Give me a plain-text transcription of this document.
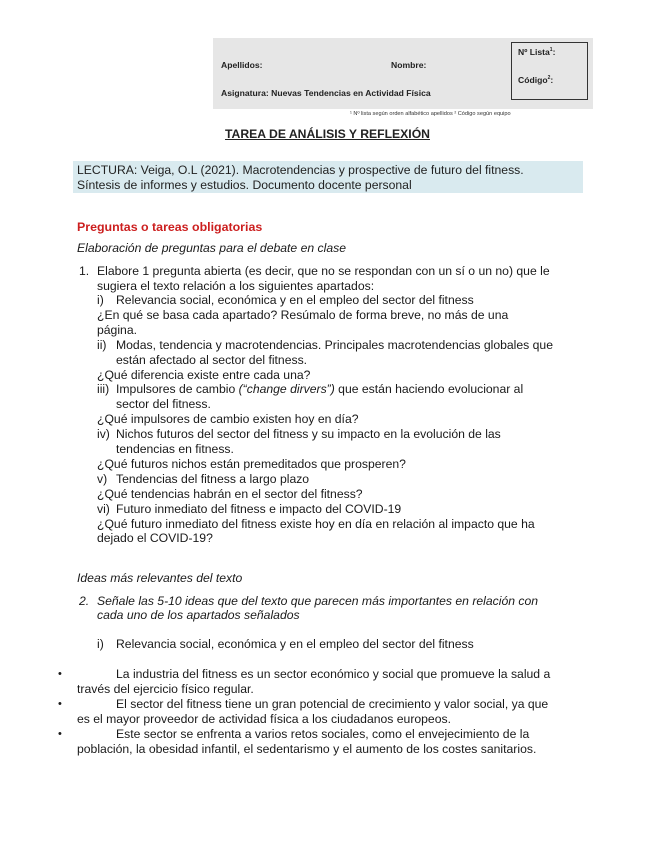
Apellidos:	Nombre:
Asignatura: Nuevas Tendencias en Actividad Física
Nº Lista$^1$:
Código$^2$:
¹ Nº lista según orden alfabético apellidos ² Código según equipo
TAREA DE ANÁLISIS Y REFLEXIÓN
LECTURA: Veiga, O.L (2021). Macrotendencias y prospective de futuro del fitness.
Síntesis de informes y estudios. Documento docente personal
Preguntas o tareas obligatorias
Elaboración de preguntas para el debate en clase
1. Elabore 1 pregunta abierta (es decir, que no se respondan con un sí o un no) que le
sugiera el texto relación a los siguientes apartados:
i) Relevancia social, económica y en el empleo del sector del fitness
¿En qué se basa cada apartado? Resúmalo de forma breve, no más de una
página.
ii) Modas, tendencia y macrotendencias. Principales macrotendencias globales que
están afectado al sector del fitness.
¿Qué diferencia existe entre cada una?
iii) Impulsores de cambio (“change dirvers”) que están haciendo evolucionar al
sector del fitness.
¿Qué impulsores de cambio existen hoy en día?
iv) Nichos futuros del sector del fitness y su impacto en la evolución de las
tendencias en fitness.
¿Qué futuros nichos están premeditados que prosperen?
v) Tendencias del fitness a largo plazo
¿Qué tendencias habrán en el sector del fitness?
vi) Futuro inmediato del fitness e impacto del COVID-19
¿Qué futuro inmediato del fitness existe hoy en día en relación al impacto que ha
dejado el COVID-19?
Ideas más relevantes del texto
2. Señale las 5-10 ideas que del texto que parecen más importantes en relación con
cada uno de los apartados señalados
i) Relevancia social, económica y en el empleo del sector del fitness
•	La industria del fitness es un sector económico y social que promueve la salud a
través del ejercicio físico regular.
•	El sector del fitness tiene un gran potencial de crecimiento y valor social, ya que
es el mayor proveedor de actividad física a los ciudadanos europeos.
•	Este sector se enfrenta a varios retos sociales, como el envejecimiento de la
población, la obesidad infantil, el sedentarismo y el aumento de los costes sanitarios.
